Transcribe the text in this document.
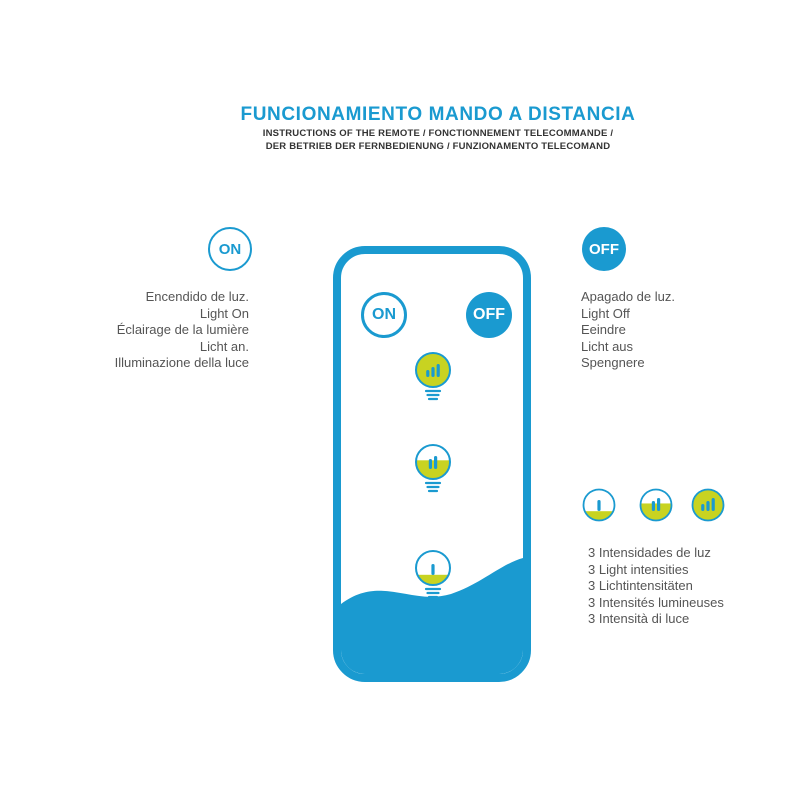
FUNCIONAMIENTO MANDO A DISTANCIA
INSTRUCTIONS OF THE REMOTE / FONCTIONNEMENT TELECOMMANDE /
DER BETRIEB DER FERNBEDIENUNG / FUNZIONAMENTO TELECOMAND
ON
Encendido de luz.
Light On
Éclairage de la lumière
Licht an.
Illuminazione della luce
OFF
Apagado de luz.
Light Off
Eeindre
Licht aus
Spengnere
ON	OFF
3 Intensidades de luz
3 Light intensities
3 Lichtintensitäten
3 Intensités lumineuses
3 Intensità di luce
